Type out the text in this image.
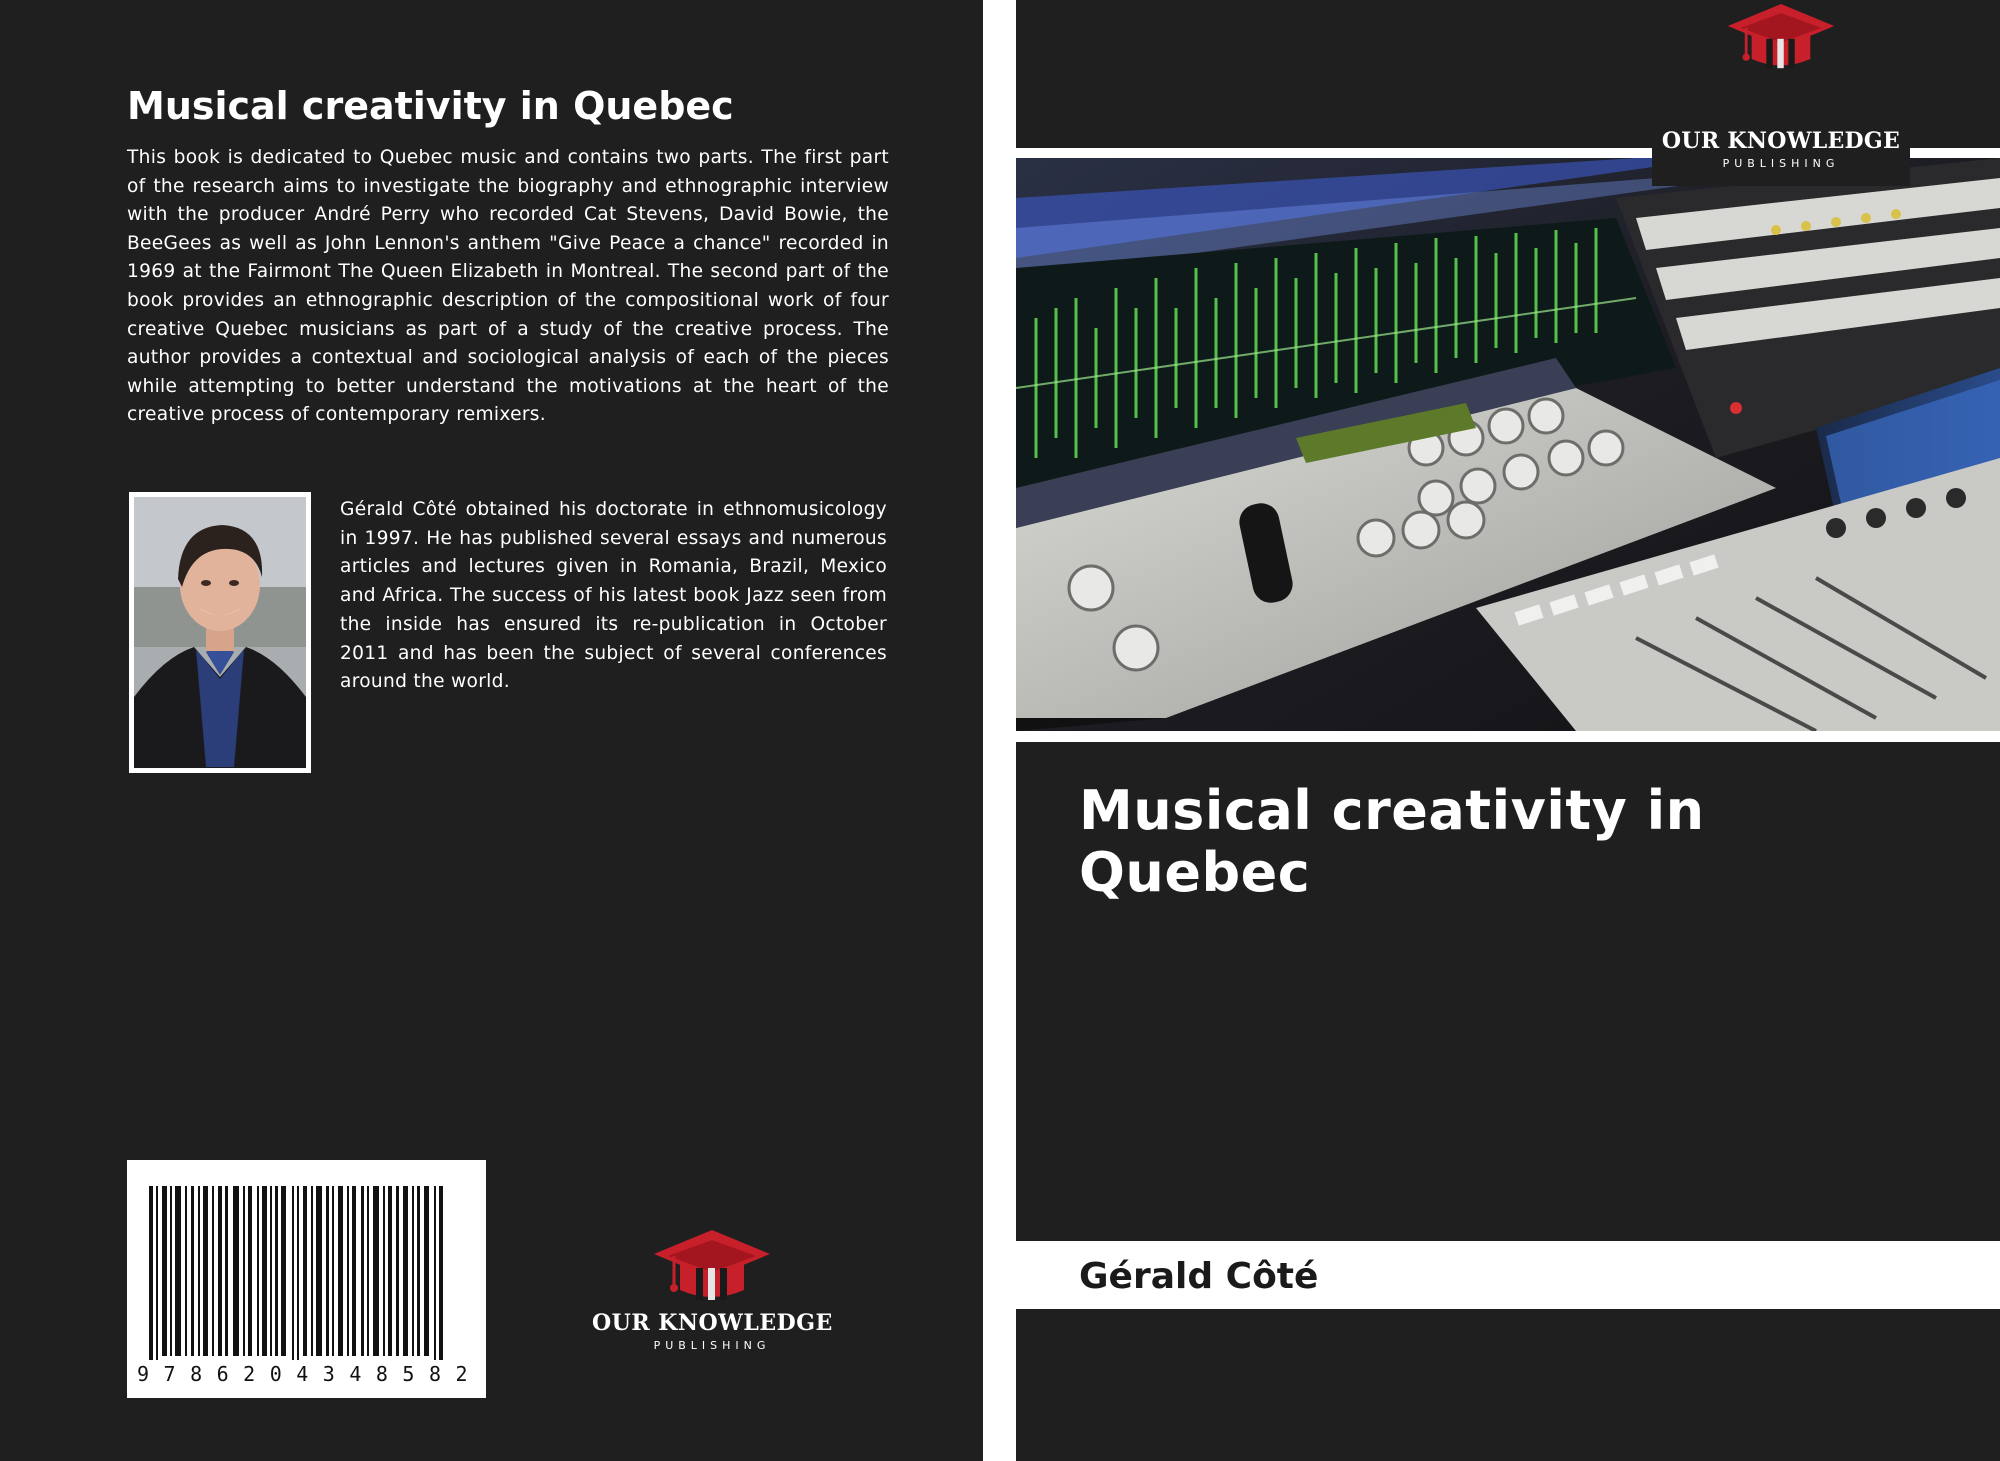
Musical creativity in Quebec

This book is dedicated to Quebec music and contains two parts. The first part of the research aims to investigate the biography and ethnographic interview with the producer André Perry who recorded Cat Stevens, David Bowie, the BeeGees as well as John Lennon's anthem "Give Peace a chance" recorded in 1969 at the Fairmont The Queen Elizabeth in Montreal. The second part of the book provides an ethnographic description of the compositional work of four creative Quebec musicians as part of a study of the creative process. The author provides a contextual and sociological analysis of each of the pieces while attempting to better understand the motivations at the heart of the creative process of contemporary remixers.

Gérald Côté obtained his doctorate in ethnomusicology in 1997. He has published several essays and numerous articles and lectures given in Romania, Brazil, Mexico and Africa. The success of his latest book Jazz seen from the inside has ensured its re-publication in October 2011 and has been the subject of several conferences around the world.

9786204348582
OUR KNOWLEDGE
PUBLISHING
OUR KNOWLEDGE
PUBLISHING
Musical creativity in Quebec

Gérald Côté
